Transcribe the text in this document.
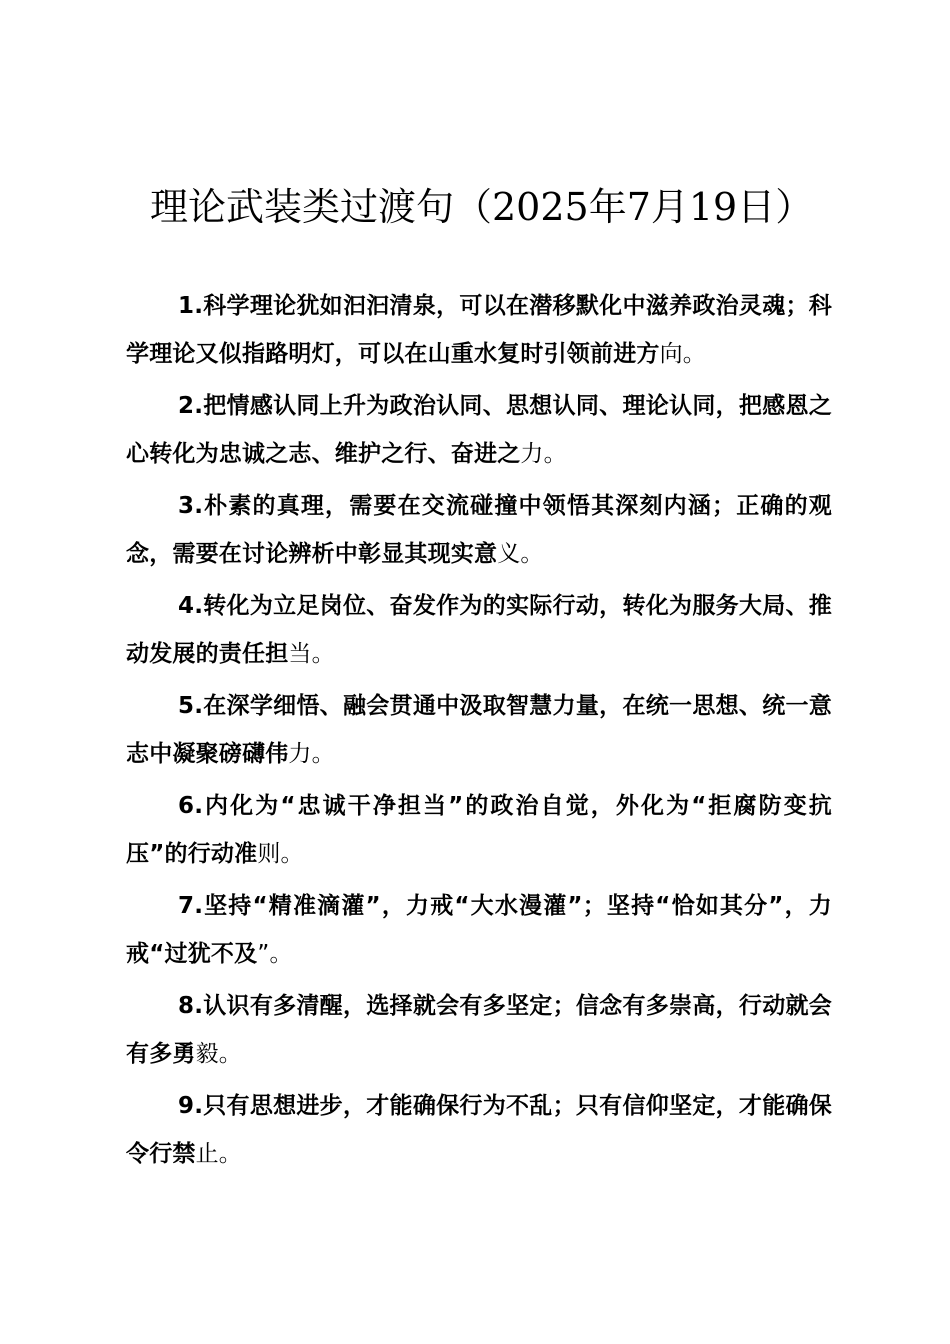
理论武装类过渡句（2025年7月19日）

1.科学理论犹如汩汩清泉，可以在潜移默化中滋养政治灵魂；科学理论又似指路明灯，可以在山重水复时引领前进方向。

2.把情感认同上升为政治认同、思想认同、理论认同，把感恩之心转化为忠诚之志、维护之行、奋进之力。

3.朴素的真理，需要在交流碰撞中领悟其深刻内涵；正确的观念，需要在讨论辨析中彰显其现实意义。

4.转化为立足岗位、奋发作为的实际行动，转化为服务大局、推动发展的责任担当。

5.在深学细悟、融会贯通中汲取智慧力量，在统一思想、统一意志中凝聚磅礴伟力。

6.内化为“忠诚干净担当”的政治自觉，外化为“拒腐防变抗压”的行动准则。

7.坚持“精准滴灌”，力戒“大水漫灌”；坚持“恰如其分”，力戒“过犹不及”。

8.认识有多清醒，选择就会有多坚定；信念有多崇高，行动就会有多勇毅。

9.只有思想进步，才能确保行为不乱；只有信仰坚定，才能确保令行禁止。
